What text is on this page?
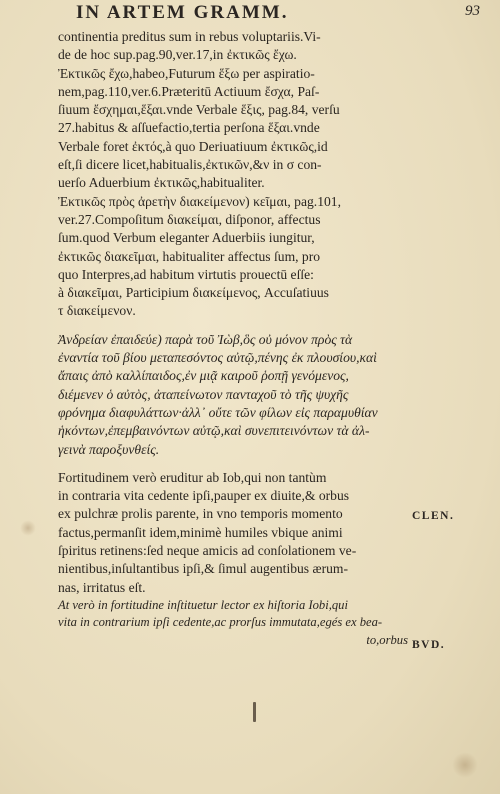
IN ARTEM GRAMM.	93
continentia preditus sum in rebus voluptariis.Vi-
de de hoc sup.pag.90,ver.17,in ἐκτικῶς ἔχω.
Ἐκτικῶς ἔχω,habeo,Futurum ἕξω per aspiratio-
nem,pag.110,ver.6.Præteritū Actiuum ἔσχα, Paſ-
ſiuum ἔσχημαι,ἕξαι.vnde Verbale ἕξις, pag.84, verſu
27.habitus & aſſuefactio,tertia perſona ἕξαι.vnde
Verbale foret ἐκτός,à quo Deriuatiuum ἐκτικῶς,id
eſt,ſi dicere licet,habitualis,ἐκτικῶν,&ν in σ con-
uerſo Aduerbium ἐκτικῶς,habitualiter.
Ἐκτικῶς πρὸς ἀρετὴν διακείμενον) κεῖμαι, pag.101,
ver.27.Compoſitum διακείμαι, diſponor, affectus
ſum.quod Verbum eleganter Aduerbiis iungitur,
ἐκτικῶς διακεῖμαι, habitualiter affectus ſum, pro
quo Interpres,ad habitum virtutis prouectū eſſe:
à διακεῖμαι, Participium διακείμενος, Accuſatiuus
τ διακείμενον.
Ἀνδρείαν ἐπαιδεύε) παρὰ τοῦ Ἰὼβ,ὃς οὐ μόνον πρὸς τὰ
ἐναντία τοῦ βίου μεταπεσόντος αὐτῷ,πένης ἐκ πλουσίου,καὶ
ἄπαις ἀπὸ καλλίπαιδος,ἐν μιᾷ καιροῦ ῥοπῇ γενόμενος,
διέμενεν ὁ αὐτὸς, ἀταπείνωτον πανταχοῦ τὸ τῆς ψυχῆς
φρόνημα διαφυλάττων·ἀλλ᾽ οὔτε τῶν φίλων εἰς παραμυθίαν
ἡκόντων,ἐπεμβαινόντων αὐτῷ,καὶ συνεπιτεινόντων τὰ ἀλ-
γεινὰ παροξυνθείς.
Fortitudinem verò eruditur ab Iob,qui non tantùm
in contraria vita cedente ipſi,pauper ex diuite,& orbus
ex pulchræ prolis parente, in vno temporis momento
factus,permanſit idem,minimè humiles vbique animi
ſpiritus retinens:ſed neque amicis ad conſolationem ve-
nientibus,inſultantibus ipſi,& ſimul augentibus ærum-
nas, irritatus eſt.
At verò in fortitudine inſtituetur lector ex hiſtoria Iobi,qui
vita in contrarium ipſi cedente,ac prorſus immutata,egés ex bea-
to,orbus
CLEN.
BVD.
